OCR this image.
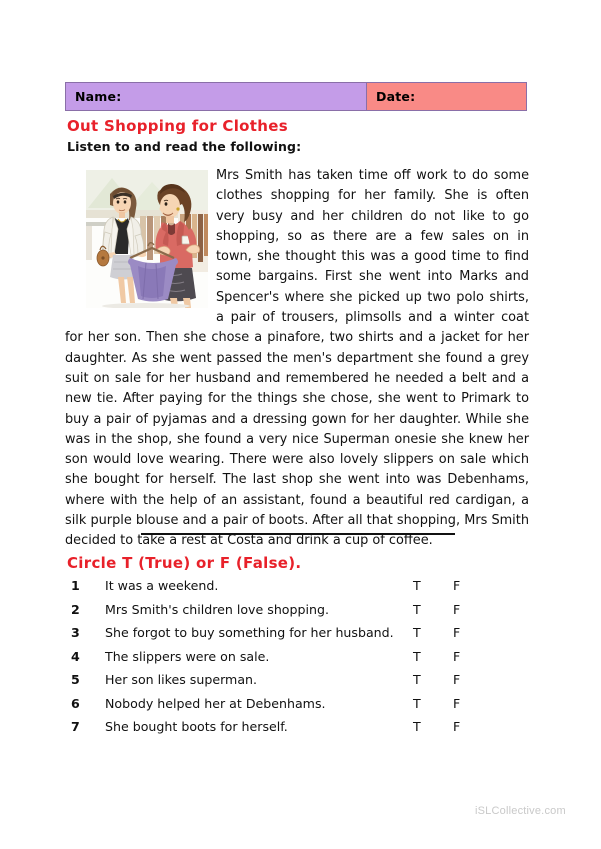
Name:	Date:
Out Shopping for Clothes
Listen to and read the following:

Mrs Smith has taken time off work to do some clothes shopping for her family. She is often very busy and her children do not like to go shopping, so as there are a few sales on in town, she thought this was a good time to find some bargains. First she went into Marks and Spencer's where she picked up two polo shirts, a pair of trousers, plimsolls and a winter coat for her son. Then she chose a pinafore, two shirts and a jacket for her daughter. As she went passed the men's department she found a grey suit on sale for her husband and remembered he needed a belt and a new tie. After paying for the things she chose, she went to Primark to buy a pair of pyjamas and a dressing gown for her daughter. While she was in the shop, she found a very nice Superman onesie she knew her son would love wearing. There were also lovely slippers on sale which she bought for herself. The last shop she went into was Debenhams, where with the help of an assistant, found a beautiful red cardigan, a silk purple blouse and a pair of boots. After all that shopping, Mrs Smith decided to take a rest at Costa and drink a cup of coffee.

Circle T (True) or F (False).
1 It was a weekend.	T	F
2 Mrs Smith's children love shopping.	T	F
3 She forgot to buy something for her husband. T	F
4 The slippers were on sale.	T	F
5 Her son likes superman.	T	F
6 Nobody helped her at Debenhams.	T	F
7 She bought boots for herself.	T	F
iSLCollective.com
